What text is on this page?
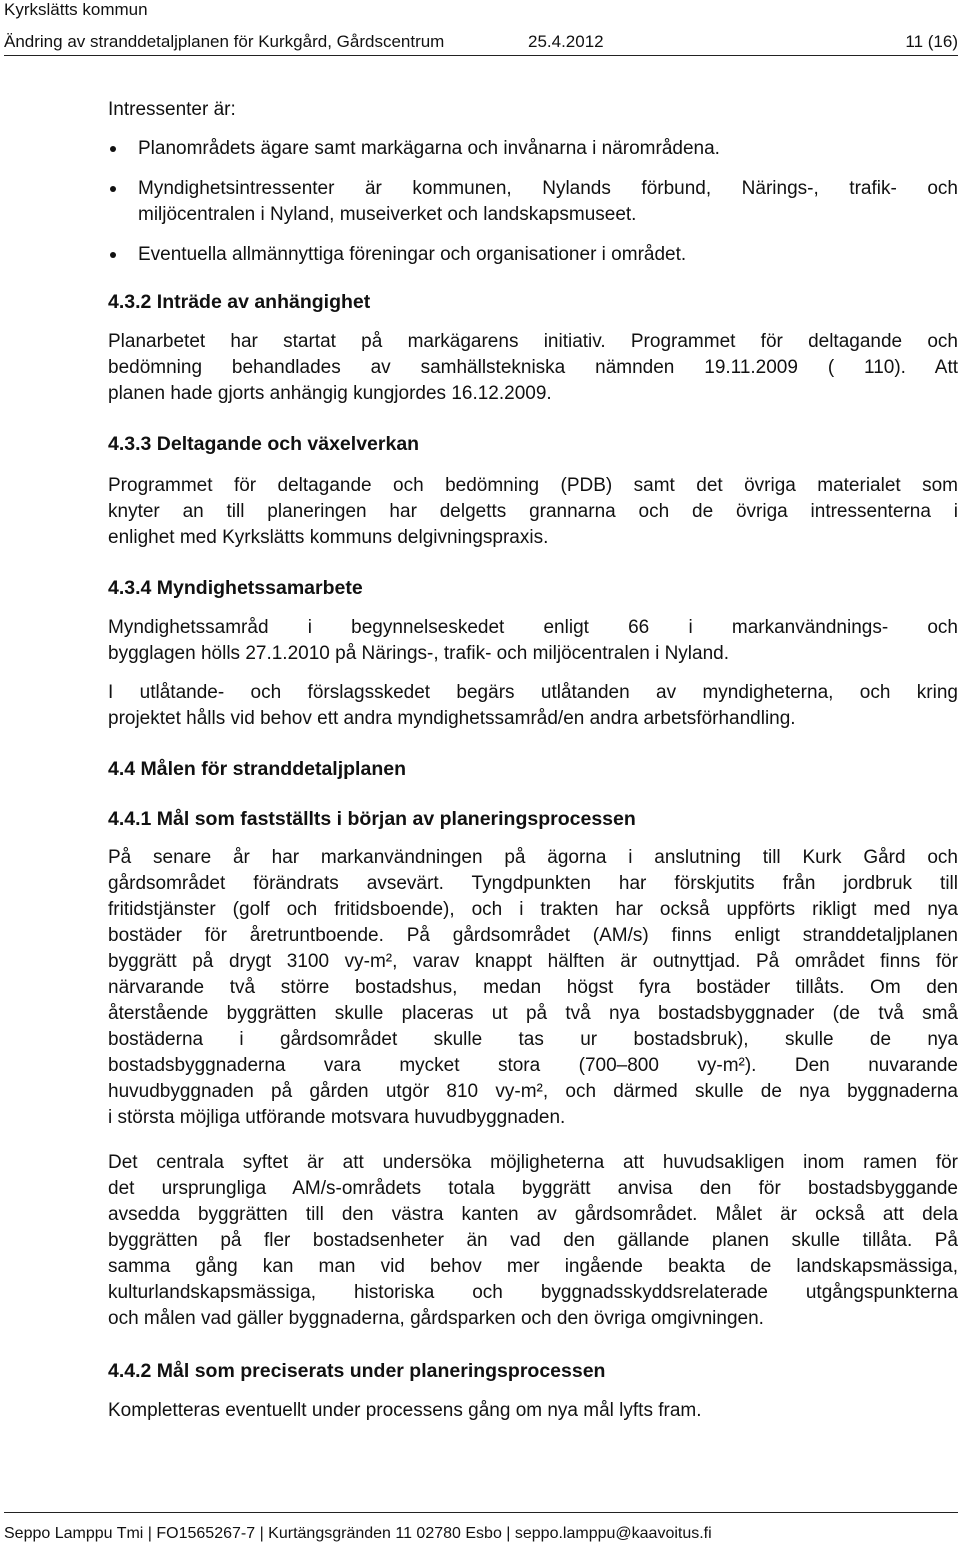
Kyrkslätts kommun
Ändring av stranddetaljplanen för Kurkgård, Gårdscentrum	25.4.2012	11 (16)
Intressenter är:
Planområdets ägare samt markägarna och invånarna i närområdena.
Myndighetsintressenter är kommunen, Nylands förbund, Närings-, trafik- och
miljöcentralen i Nyland, museiverket och landskapsmuseet.
Eventuella allmännyttiga föreningar och organisationer i området.
4.3.2 Inträde av anhängighet
Planarbetet har startat på markägarens initiativ. Programmet för deltagande och
bedömning behandlades av samhällstekniska nämnden 19.11.2009 ( 110). Att
planen hade gjorts anhängig kungjordes 16.12.2009.
4.3.3 Deltagande och växelverkan
Programmet för deltagande och bedömning (PDB) samt det övriga materialet som
knyter an till planeringen har delgetts grannarna och de övriga intressenterna i
enlighet med Kyrkslätts kommuns delgivningspraxis.
4.3.4 Myndighetssamarbete
Myndighetssamråd i begynnelseskedet enligt 66 i markanvändnings- och
bygglagen hölls 27.1.2010 på Närings-, trafik- och miljöcentralen i Nyland.
I utlåtande- och förslagsskedet begärs utlåtanden av myndigheterna, och kring
projektet hålls vid behov ett andra myndighetssamråd/en andra arbetsförhandling.
4.4 Målen för stranddetaljplanen
4.4.1 Mål som fastställts i början av planeringsprocessen
På senare år har markanvändningen på ägorna i anslutning till Kurk Gård och
gårdsområdet förändrats avsevärt. Tyngdpunkten har förskjutits från jordbruk till
fritidstjänster (golf och fritidsboende), och i trakten har också uppförts rikligt med nya
bostäder för åretruntboende. På gårdsområdet (AM/s) finns enligt stranddetaljplanen
byggrätt på drygt 3100 vy-m², varav knappt hälften är outnyttjad. På området finns för
närvarande två större bostadshus, medan högst fyra bostäder tillåts. Om den
återstående byggrätten skulle placeras ut på två nya bostadsbyggnader (de två små
bostäderna i gårdsområdet skulle tas ur bostadsbruk), skulle de nya
bostadsbyggnaderna vara mycket stora (700–800 vy-m²). Den nuvarande
huvudbyggnaden på gården utgör 810 vy-m², och därmed skulle de nya byggnaderna
i största möjliga utförande motsvara huvudbyggnaden.
Det centrala syftet är att undersöka möjligheterna att huvudsakligen inom ramen för
det ursprungliga AM/s-områdets totala byggrätt anvisa den för bostadsbyggande
avsedda byggrätten till den västra kanten av gårdsområdet. Målet är också att dela
byggrätten på fler bostadsenheter än vad den gällande planen skulle tillåta. På
samma gång kan man vid behov mer ingående beakta de landskapsmässiga,
kulturlandskapsmässiga, historiska och byggnadsskyddsrelaterade utgångspunkterna
och målen vad gäller byggnaderna, gårdsparken och den övriga omgivningen.
4.4.2 Mål som preciserats under planeringsprocessen
Kompletteras eventuellt under processens gång om nya mål lyfts fram.
Seppo Lamppu Tmi | FO1565267-7 | Kurtängsgränden 11 02780 Esbo | seppo.lamppu@kaavoitus.fi
